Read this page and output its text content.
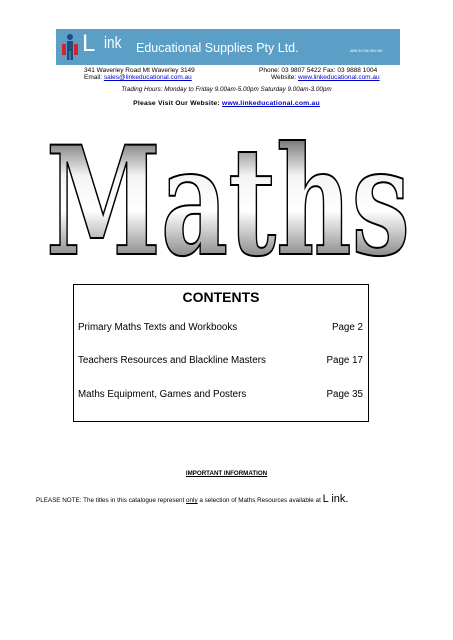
L ink Educational Supplies Pty Ltd.	ABN 54 006 054 930
341 Waverley Road Mt Waverley 3149
Email: sales@linkeducational.com.au
Phone: 03 9807 5422 Fax: 03 9888 1004
Website: www.linkeducational.com.au
Trading Hours: Monday to Friday 9.00am-5.00pm Saturday 9.00am-3.00pm
Please Visit Our Website: www.linkeducational.com.au
Maths
CONTENTS
Primary Maths Texts and Workbooks	Page 2
Teachers Resources and Blackline Masters	Page 17
Maths Equipment, Games and Posters	Page 35
IMPORTANT INFORMATION
PLEASE NOTE: The titles in this catalogue represent only a selection of Maths Resources available at L ink.
